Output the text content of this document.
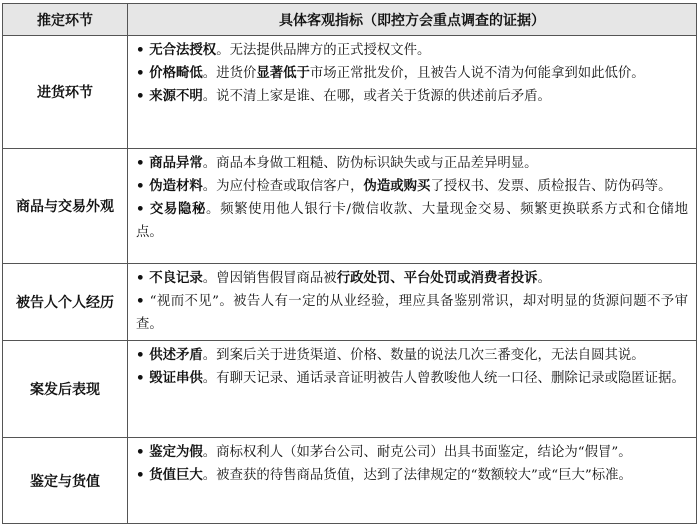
推定环节	具体客观指标（即控方会重点调查的证据）
进货环节	• 无合法授权。无法提供品牌方的正式授权文件。
• 价格畸低。进货价显著低于市场正常批发价，且被告人说不清为何能拿到如此低价。
• 来源不明。说不清上家是谁、在哪，或者关于货源的供述前后矛盾。

商品与交易外观	• 商品异常。商品本身做工粗糙、防伪标识缺失或与正品差异明显。
• 伪造材料。为应付检查或取信客户，伪造或购买了授权书、发票、质检报告、防伪码等。
• 交易隐秘。频繁使用他人银行卡/微信收款、大量现金交易、频繁更换联系方式和仓储地点。

被告人个人经历	• 不良记录。曾因销售假冒商品被行政处罚、平台处罚或消费者投诉。
• “视而不见”。被告人有一定的从业经验，理应具备鉴别常识，却对明显的货源问题不予审查。

案发后表现	• 供述矛盾。到案后关于进货渠道、价格、数量的说法几次三番变化，无法自圆其说。
• 毁证串供。有聊天记录、通话录音证明被告人曾教唆他人统一口径、删除记录或隐匿证据。

鉴定与货值	• 鉴定为假。商标权利人（如茅台公司、耐克公司）出具书面鉴定，结论为“假冒”。
• 货值巨大。被查获的待售商品货值，达到了法律规定的“数额较大”或“巨大”标准。
